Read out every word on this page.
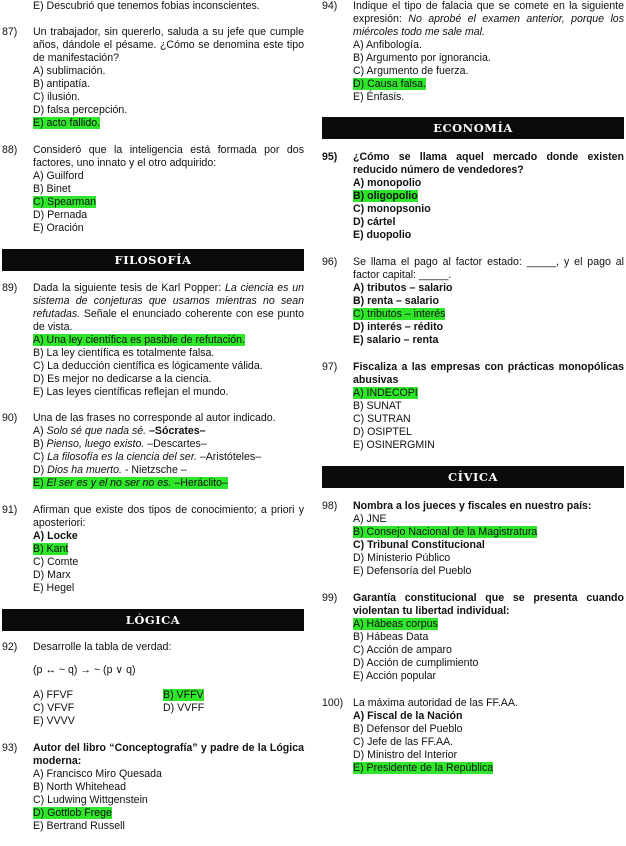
E) Descubrió que tenemos fobias inconscientes.
87) Un trabajador, sin quererlo, saluda a su jefe que cumple años, dándole el pésame. ¿Cómo se denomina este tipo de manifestación?
A) sublimación.
B) antipatía.
C) ilusión.
D) falsa percepción.
E) acto fallido.
88) Consideró que la inteligencia está formada por dos factores, uno innato y el otro adquirido:
A) Guilford
B) Binet
C) Spearman
D) Pernada
E) Oración
FILOSOFÍA
89) Dada la siguiente tesis de Karl Popper: La ciencia es un sistema de conjeturas que usamos mientras no sean refutadas. Señale el enunciado coherente con ese punto de vista.
A) Una ley científica es pasible de refutación.
B) La ley científica es totalmente falsa.
C) La deducción científica es lógicamente válida.
D) Es mejor no dedicarse a la ciencia.
E) Las leyes científicas reflejan el mundo.
90) Una de las frases no corresponde al autor indicado.
A) Solo sé que nada sé. –Sócrates–
B) Pienso, luego existo. –Descartes–
C) La filosofía es la ciencia del ser. –Aristóteles–
D) Dios ha muerto. - Nietzsche –
E) El ser es y el no ser no es. –Heráclito–
91) Afirman que existe dos tipos de conocimiento; a priori y aposteriori:
A) Locke
B) Kant
C) Comte
D) Marx
E) Hegel
LÓGICA
92) Desarrolle la tabla de verdad:
(p ↔ ~ q) → ~ (p ∨ q)
A) FFVF	B) VFFV
C) VFVF	D) VVFF
E) VVVV
93) Autor del libro “Conceptografía” y padre de la Lógica moderna:
A) Francisco Miro Quesada
B) North Whitehead
C) Ludwing Wittgenstein
D) Gottlob Frege
E) Bertrand Russell
94) Indique el tipo de falacia que se comete en la siguiente expresión: No aprobé el examen anterior, porque los miércoles todo me sale mal.
A) Anfibología.
B) Argumento por ignorancia.
C) Argumento de fuerza.
D) Causa falsa.
E) Énfasis.
ECONOMÍA
95) ¿Cómo se llama aquel mercado donde existen reducido número de vendedores?
A) monopolio
B) oligopolio
C) monopsonio
D) cártel
E) duopolio
96) Se llama el pago al factor estado: _____, y el pago al factor capital: _____.
A) tributos – salario
B) renta – salario
C) tributos – interés
D) interés – rédito
E) salario – renta
97) Fiscaliza a las empresas con prácticas monopólicas abusivas
A) INDECOPI
B) SUNAT
C) SUTRAN
D) OSIPTEL
E) OSINERGMIN
CÍVICA
98) Nombra a los jueces y fiscales en nuestro país:
A) JNE
B) Consejo Nacional de la Magistratura
C) Tribunal Constitucional
D) Ministerio Público
E) Defensoría del Pueblo
99) Garantía constitucional que se presenta cuando violentan tu libertad individual:
A) Hábeas corpus
B) Hábeas Data
C) Acción de amparo
D) Acción de cumplimiento
E) Acción popular
100) La máxima autoridad de las FF.AA.
A) Fiscal de la Nación
B) Defensor del Pueblo
C) Jefe de las FF.AA.
D) Ministro del Interior
E) Presidente de la República
